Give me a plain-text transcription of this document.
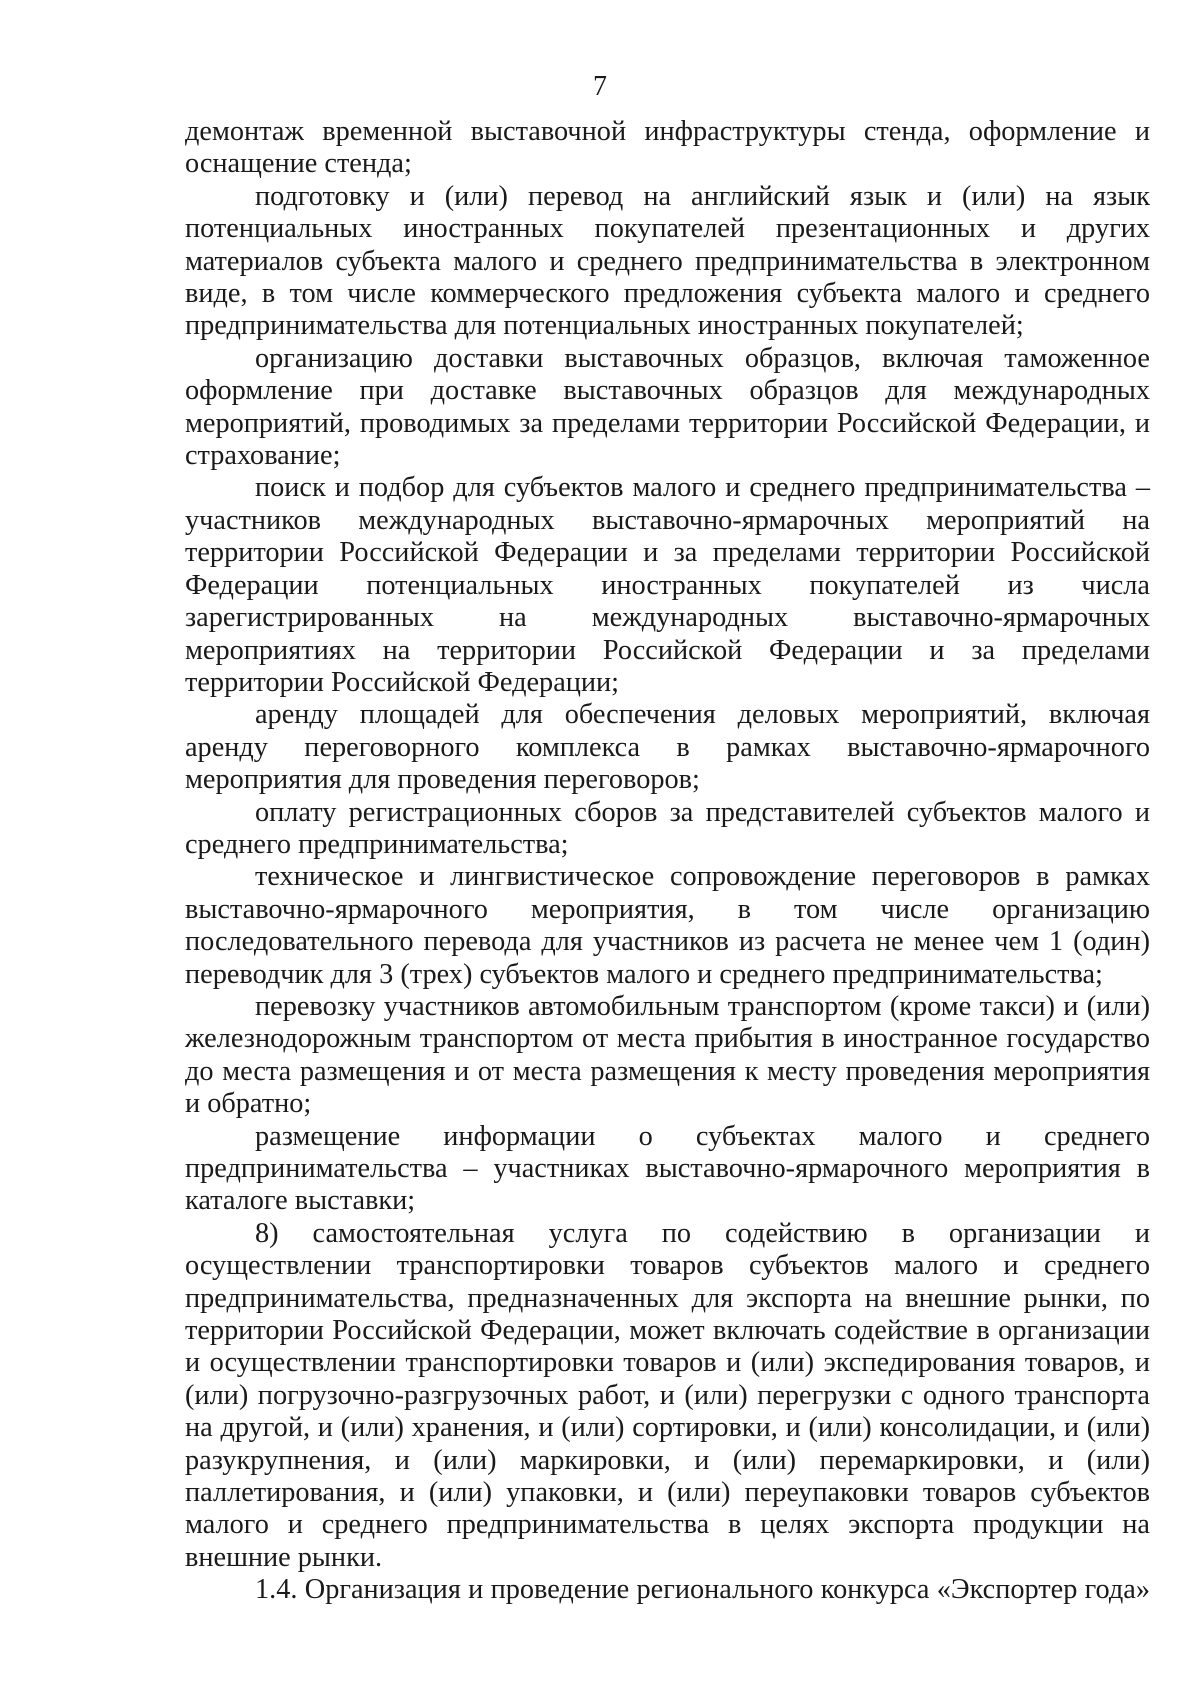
7

демонтаж временной выставочной инфраструктуры стенда, оформление и оснащение стенда;

подготовку и (или) перевод на английский язык и (или) на язык потенциальных иностранных покупателей презентационных и других материалов субъекта малого и среднего предпринимательства в электронном виде, в том числе коммерческого предложения субъекта малого и среднего предпринимательства для потенциальных иностранных покупателей;

организацию доставки выставочных образцов, включая таможенное оформление при доставке выставочных образцов для международных мероприятий, проводимых за пределами территории Российской Федерации, и страхование;

поиск и подбор для субъектов малого и среднего предпринимательства – участников международных выставочно-ярмарочных мероприятий на территории Российской Федерации и за пределами территории Российской Федерации потенциальных иностранных покупателей из числа зарегистрированных на международных выставочно-ярмарочных мероприятиях на территории Российской Федерации и за пределами территории Российской Федерации;

аренду площадей для обеспечения деловых мероприятий, включая аренду переговорного комплекса в рамках выставочно-ярмарочного мероприятия для проведения переговоров;

оплату регистрационных сборов за представителей субъектов малого и среднего предпринимательства;

техническое и лингвистическое сопровождение переговоров в рамках выставочно-ярмарочного мероприятия, в том числе организацию последовательного перевода для участников из расчета не менее чем 1 (один) переводчик для 3 (трех) субъектов малого и среднего предпринимательства;

перевозку участников автомобильным транспортом (кроме такси) и (или) железнодорожным транспортом от места прибытия в иностранное государство до места размещения и от места размещения к месту проведения мероприятия и обратно;

размещение информации о субъектах малого и среднего предпринимательства – участниках выставочно-ярмарочного мероприятия в каталоге выставки;

8) самостоятельная услуга по содействию в организации и осуществлении транспортировки товаров субъектов малого и среднего предпринимательства, предназначенных для экспорта на внешние рынки, по территории Российской Федерации, может включать содействие в организации и осуществлении транспортировки товаров и (или) экспедирования товаров, и (или) погрузочно-разгрузочных работ, и (или) перегрузки с одного транспорта на другой, и (или) хранения, и (или) сортировки, и (или) консолидации, и (или) разукрупнения, и (или) маркировки, и (или) перемаркировки, и (или) паллетирования, и (или) упаковки, и (или) переупаковки товаров субъектов малого и среднего предпринимательства в целях экспорта продукции на внешние рынки.

1.4. Организация и проведение регионального конкурса «Экспортер года»
